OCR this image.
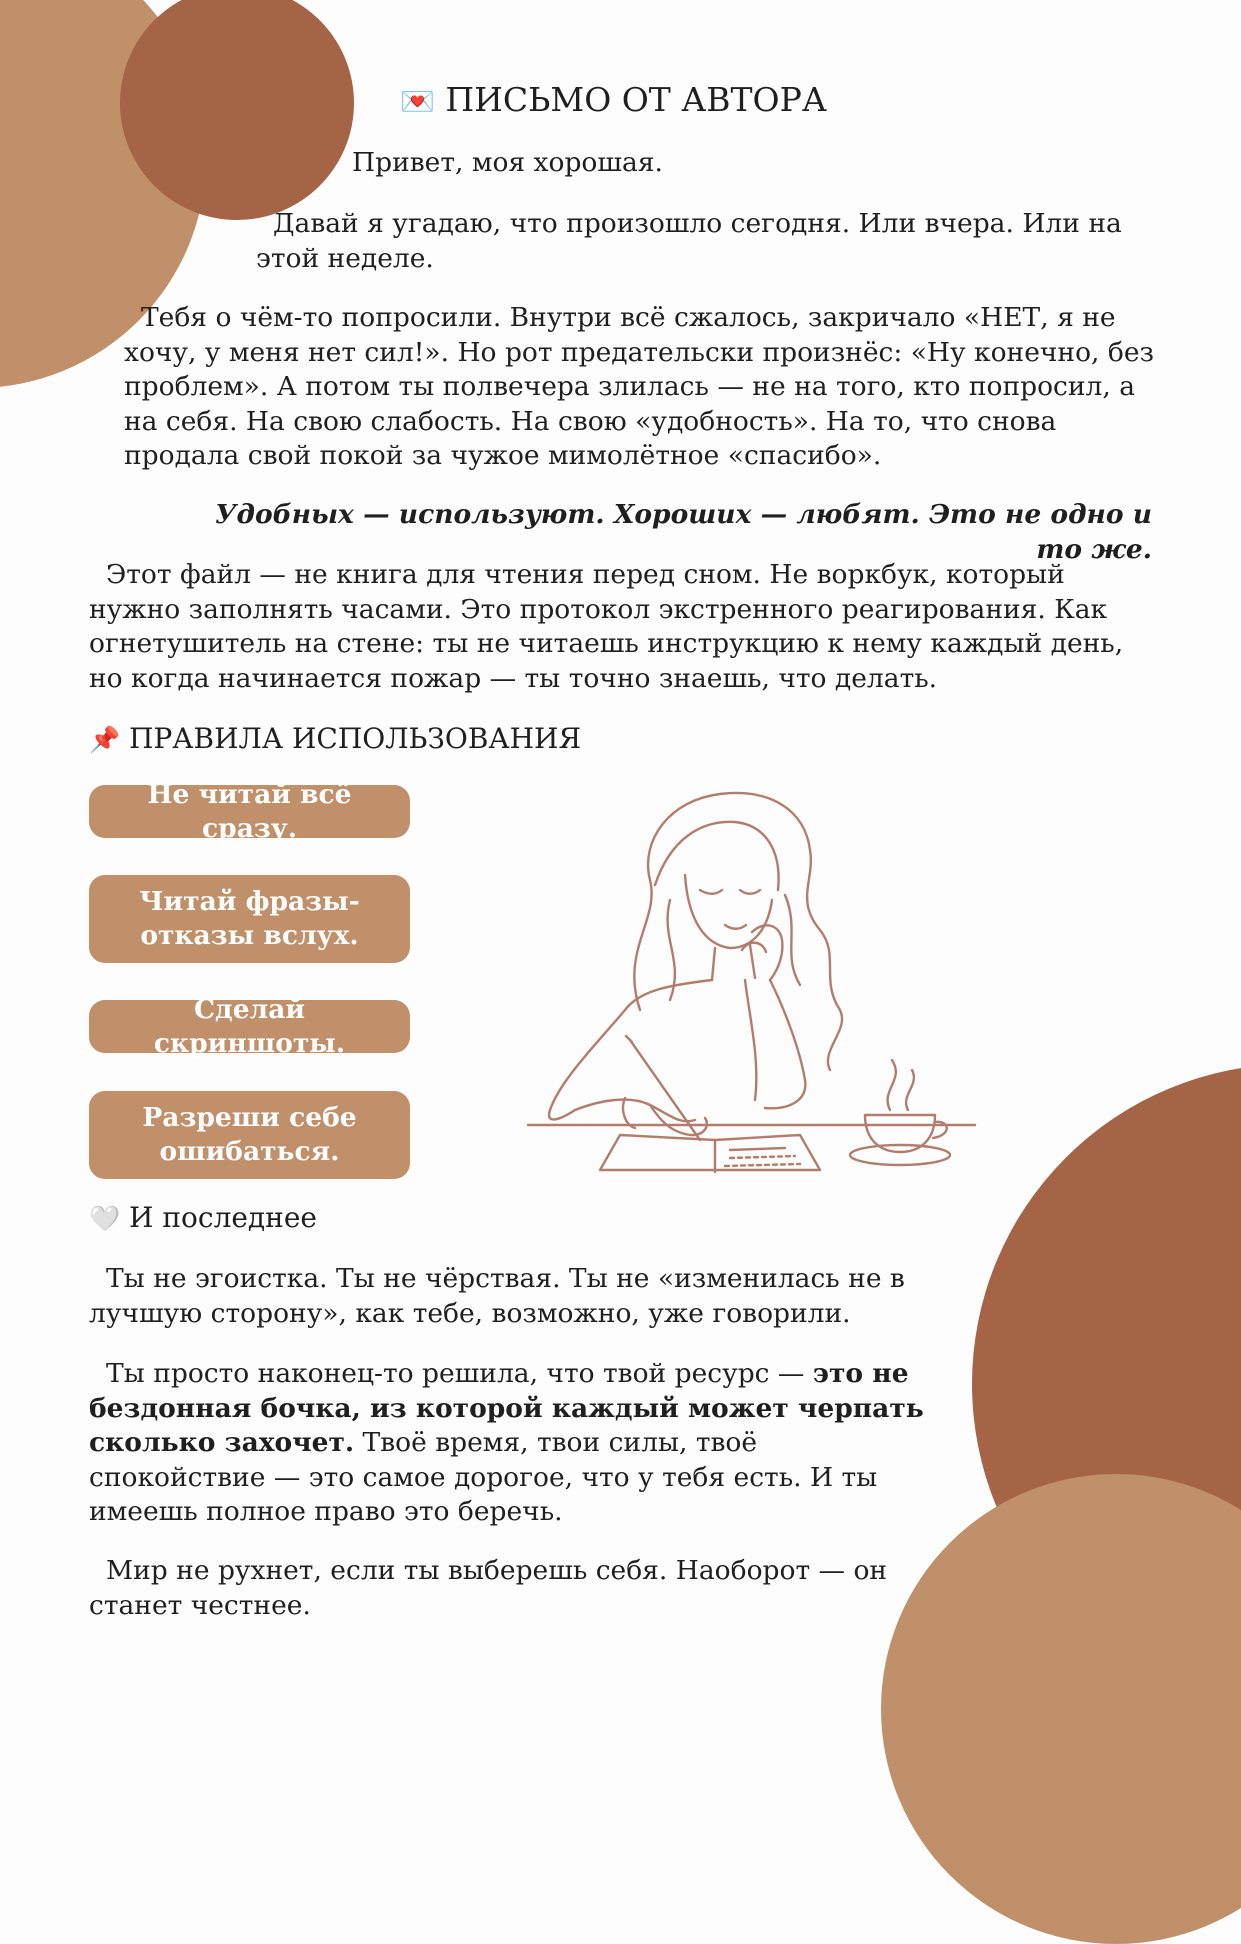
💌 ПИСЬМО ОТ АВТОРА

Привет, моя хорошая.

Давай я угадаю, что произошло сегодня. Или вчера. Или на этой неделе.

Тебя о чём-то попросили. Внутри всё сжалось, закричало «НЕТ, я не хочу, у меня нет сил!». Но рот предательски произнёс: «Ну конечно, без проблем». А потом ты полвечера злилась — не на того, кто попросил, а на себя. На свою слабость. На свою «удобность». На то, что снова продала свой покой за чужое мимолётное «спасибо».

Удобных — используют. Хороших — любят. Это не одно и то же.

Этот файл — не книга для чтения перед сном. Не воркбук, который нужно заполнять часами. Это протокол экстренного реагирования. Как огнетушитель на стене: ты не читаешь инструкцию к нему каждый день, но когда начинается пожар — ты точно знаешь, что делать.

📌 ПРАВИЛА ИСПОЛЬЗОВАНИЯ
Не читай всё сразу.
Читай фразы-отказы вслух.
Сделай скриншоты.
Разреши себе ошибаться.
🤍 И последнее

Ты не эгоистка. Ты не чёрствая. Ты не «изменилась не в лучшую сторону», как тебе, возможно, уже говорили.

Ты просто наконец-то решила, что твой ресурс — это не бездонная бочка, из которой каждый может черпать сколько захочет. Твоё время, твои силы, твоё спокойствие — это самое дорогое, что у тебя есть. И ты имеешь полное право это беречь.

Мир не рухнет, если ты выберешь себя. Наоборот — он станет честнее.
